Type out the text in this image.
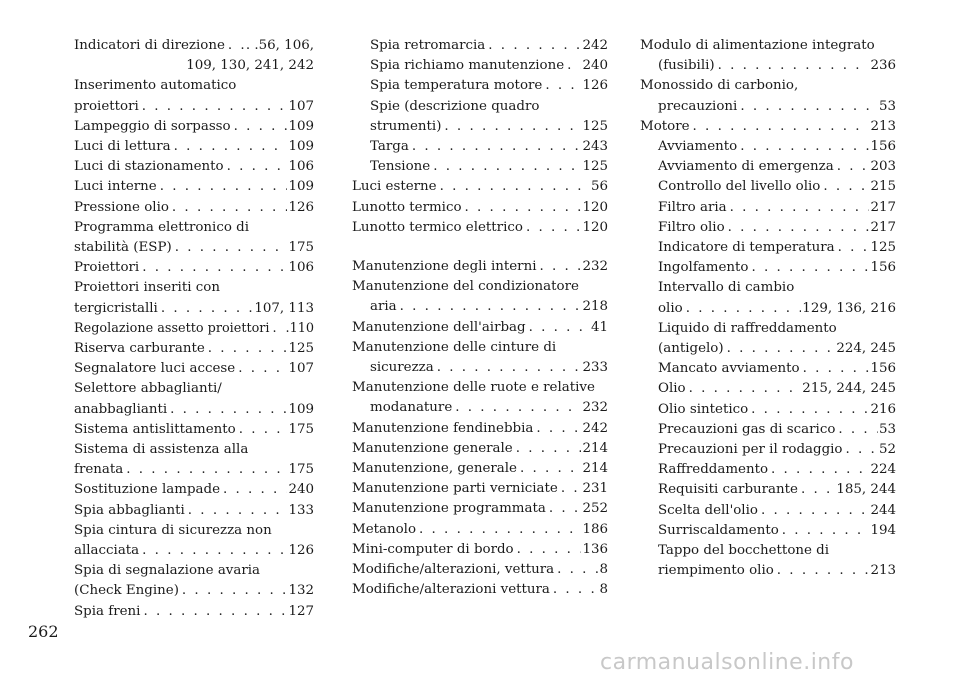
Indicatori di direzione . . . . .56, 106,
109, 130, 241, 242
Inserimento automatico
proiettori . . .	107
Lampeggio di sorpasso . . .	109
Luci di lettura . . .	109
Luci di stazionamento . . .	106
Luci interne . . .	109
Pressione olio . . .	126
Programma elettronico di
stabilità (ESP) . . .	175
Proiettori . . .	106
Proiettori inseriti con
tergicristalli . . .	107, 113
Regolazione assetto proiettori . . . .110
Riserva carburante . . .	125
Segnalatore luci accese . . .	107
Selettore abbaglianti/
anabbaglianti . . .	109
Sistema antislittamento . . .	175
Sistema di assistenza alla
frenata . . .	175
Sostituzione lampade . . .	240
Spia abbaglianti . . .	133
Spia cintura di sicurezza non
allacciata . . .	126
Spia di segnalazione avaria
(Check Engine) . . .	132
Spia freni . . .	127
Spia retromarcia . . .	242
Spia richiamo manutenzione . . . 240
Spia temperatura motore . . .	126
Spie (descrizione quadro
strumenti) . . .	125
Targa . . .	243
Tensione . . .	125
Luci esterne . . .	56
Lunotto termico . . .	120
Lunotto termico elettrico . . .	120
Manutenzione degli interni . . .	232
Manutenzione del condizionatore
aria . . .	218
Manutenzione dell'airbag . . .	41
Manutenzione delle cinture di
sicurezza . . .	233
Manutenzione delle ruote e relative
modanature . . .	232
Manutenzione fendinebbia . . .	242
Manutenzione generale . . .	214
Manutenzione, generale . . .	214
Manutenzione parti verniciate . . . 231
Manutenzione programmata . . .	252
Metanolo . . .	186
Mini-computer di bordo . . .	136
Modifiche/alterazioni, vettura . . .	8
Modifiche/alterazioni vettura . . .	8
Modulo di alimentazione integrato
(fusibili) . . .	236
Monossido di carbonio,
precauzioni . . .	53
Motore . . .	213
Avviamento . . .	156
Avviamento di emergenza . . .	203
Controllo del livello olio . . .	215
Filtro aria . . .	217
Filtro olio . . .	217
Indicatore di temperatura . . .	125
Ingolfamento . . .	156
Intervallo di cambio
olio . . .	129, 136, 216
Liquido di raffreddamento
(antigelo) . . .	224, 245
Mancato avviamento . . .	156
Olio . . .	215, 244, 245
Olio sintetico . . .	216
Precauzioni gas di scarico . . .	53
Precauzioni per il rodaggio . . .	52
Raffreddamento . . .	224
Requisiti carburante . . .	185, 244
Scelta dell'olio . . .	244
Surriscaldamento . . .	194
Tappo del bocchettone di
riempimento olio . . .	213
262
carmanualsonline.info
